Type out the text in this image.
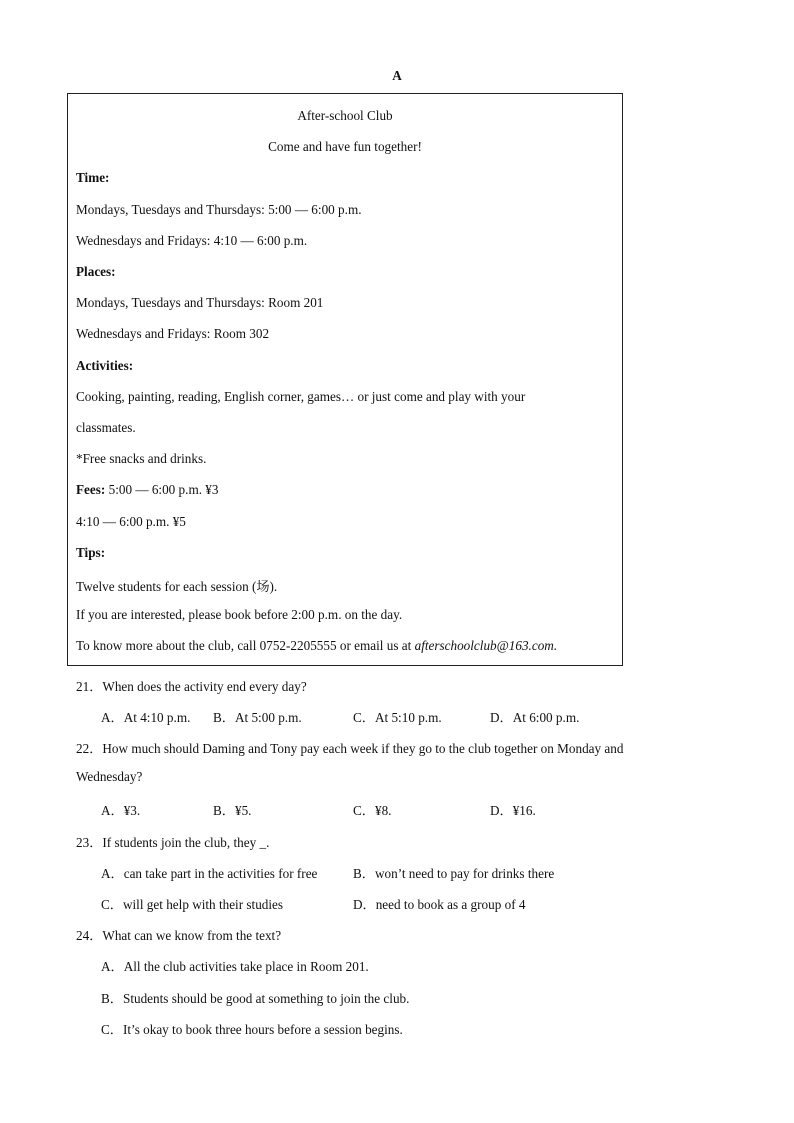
A
After-school Club
Come and have fun together!
Time:
Mondays, Tuesdays and Thursdays: 5:00 — 6:00 p.m.
Wednesdays and Fridays: 4:10 — 6:00 p.m.
Places:
Mondays, Tuesdays and Thursdays: Room 201
Wednesdays and Fridays: Room 302
Activities:
Cooking, painting, reading, English corner, games… or just come and play with your
classmates.
*Free snacks and drinks.
Fees: 5:00 — 6:00 p.m. ¥3
4:10 — 6:00 p.m. ¥5
Tips:
Twelve students for each session (场).
If you are interested, please book before 2:00 p.m. on the day.
To know more about the club, call 0752-2205555 or email us at afterschoolclub@163.com.
21．When does the activity end every day?
A．At 4:10 p.m. B．At 5:00 p.m.	C．At 5:10 p.m.	D．At 6:00 p.m.
22．How much should Daming and Tony pay each week if they go to the club together on Monday and
Wednesday?
A．¥3.	B．¥5.	C．¥8.	D．¥16.
23．If students join the club, they _.
A．can take part in the activities for free	B．won’t need to pay for drinks there
C．will get help with their studies	D．need to book as a group of 4
24．What can we know from the text?
A．All the club activities take place in Room 201.
B．Students should be good at something to join the club.
C．It’s okay to book three hours before a session begins.
